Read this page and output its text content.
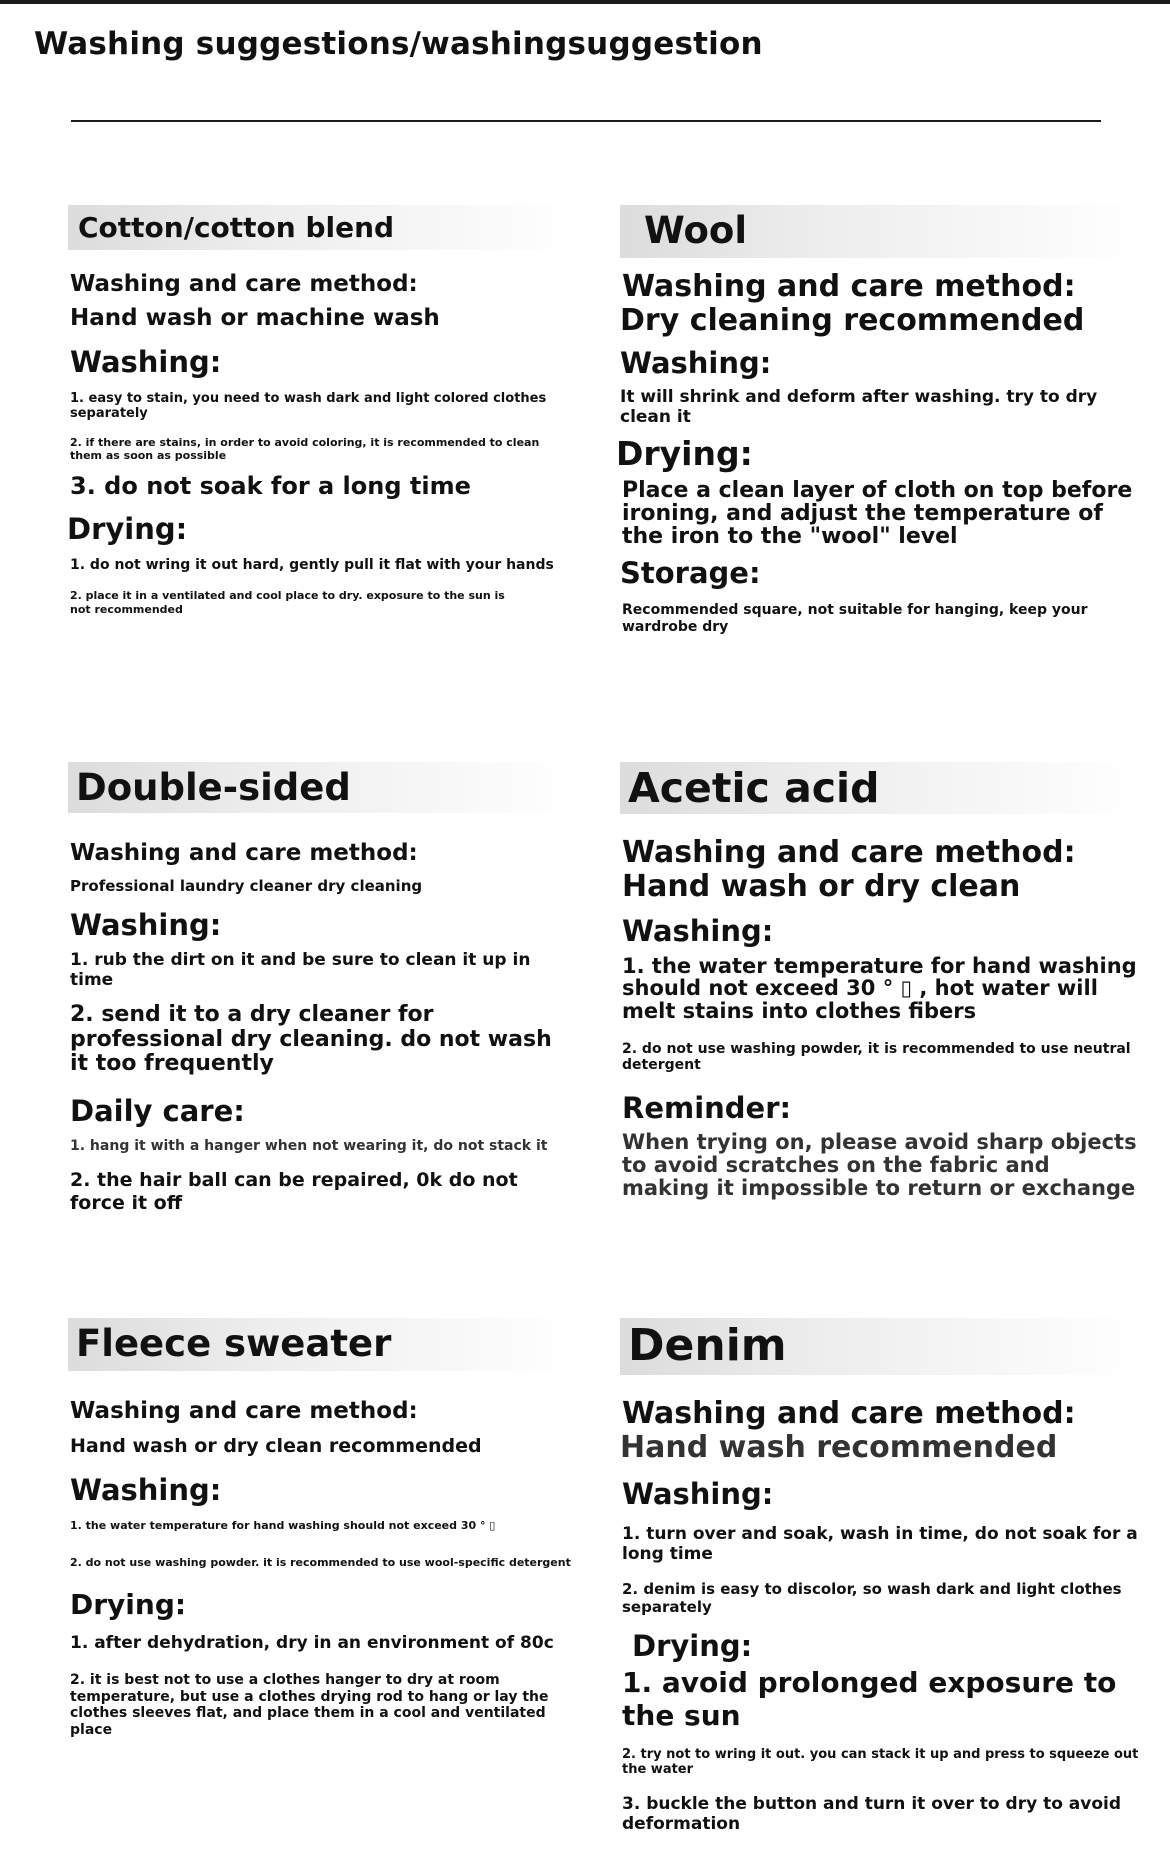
Washing suggestions/washingsuggestion
Cotton/cotton blend

Washing and care method:

Hand wash or machine wash

Washing:

1. easy to stain, you need to wash dark and light colored clothes separately

2. if there are stains, in order to avoid coloring, it is recommended to clean them as soon as possible

3. do not soak for a long time

Drying:

1. do not wring it out hard, gently pull it flat with your hands

2. place it in a ventilated and cool place to dry. exposure to the sun is not recommended

Wool

Washing and care method:

Dry cleaning recommended

Washing:

It will shrink and deform after washing. try to dry clean it

Drying:

Place a clean layer of cloth on top before ironing, and adjust the temperature of the iron to the "wool" level

Storage:

Recommended square, not suitable for hanging, keep your wardrobe dry

Double-sided

Washing and care method:

Professional laundry cleaner dry cleaning

Washing:

1. rub the dirt on it and be sure to clean it up in time

2. send it to a dry cleaner for professional dry cleaning. do not wash it too frequently

Daily care:

1. hang it with a hanger when not wearing it, do not stack it

2. the hair ball can be repaired, 0k do not force it off

Acetic acid

Washing and care method:

Hand wash or dry clean

Washing:

1. the water temperature for hand washing should not exceed 30 ° ▯ , hot water will melt stains into clothes fibers

2. do not use washing powder, it is recommended to use neutral detergent

Reminder:

When trying on, please avoid sharp objects to avoid scratches on the fabric and making it impossible to return or exchange

Fleece sweater

Washing and care method:

Hand wash or dry clean recommended

Washing:

1. the water temperature for hand washing should not exceed 30 ° ▯

2. do not use washing powder. it is recommended to use wool-specific detergent

Drying:

1. after dehydration, dry in an environment of 80c

2. it is best not to use a clothes hanger to dry at room temperature, but use a clothes drying rod to hang or lay the clothes sleeves flat, and place them in a cool and ventilated place

Denim

Washing and care method:

Hand wash recommended

Washing:

1. turn over and soak, wash in time, do not soak for a long time

2. denim is easy to discolor, so wash dark and light clothes separately

Drying:

1. avoid prolonged exposure to the sun

2. try not to wring it out. you can stack it up and press to squeeze out the water

3. buckle the button and turn it over to dry to avoid deformation
